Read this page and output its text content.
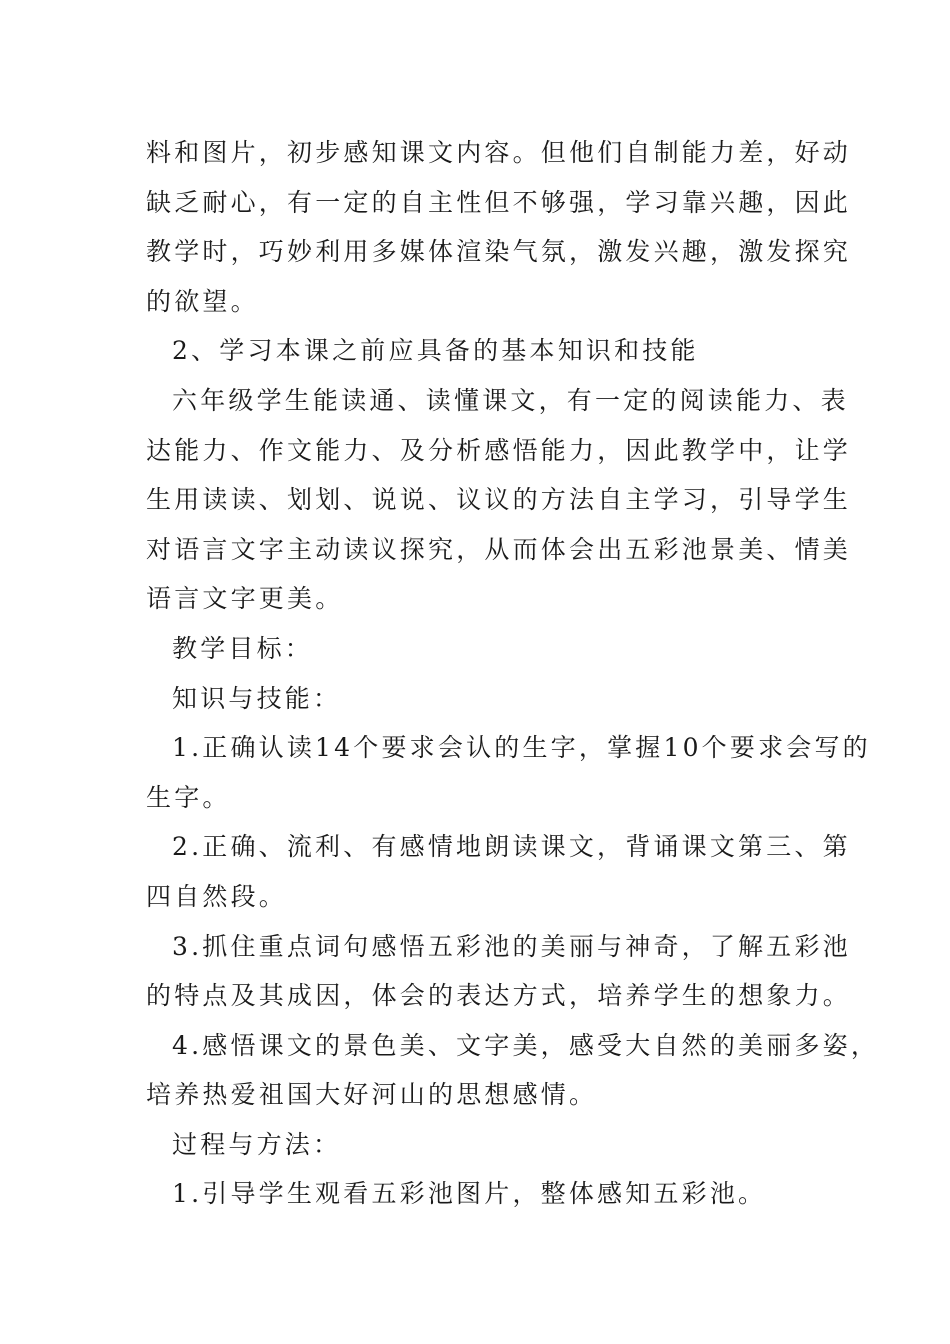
料和图片，初步感知课文内容。但他们自制能力差，好动
缺乏耐心，有一定的自主性但不够强，学习靠兴趣，因此
教学时，巧妙利用多媒体渲染气氛，激发兴趣，激发探究
的欲望。

2、学习本课之前应具备的基本知识和技能

六年级学生能读通、读懂课文，有一定的阅读能力、表
达能力、作文能力、及分析感悟能力，因此教学中，让学
生用读读、划划、说说、议议的方法自主学习，引导学生
对语言文字主动读议探究，从而体会出五彩池景美、情美
语言文字更美。

教学目标：

知识与技能：

1.正确认读14个要求会认的生字，掌握10个要求会写的
生字。

2.正确、流利、有感情地朗读课文，背诵课文第三、第
四自然段。

3.抓住重点词句感悟五彩池的美丽与神奇，了解五彩池
的特点及其成因，体会的表达方式，培养学生的想象力。

4.感悟课文的景色美、文字美，感受大自然的美丽多姿，
培养热爱祖国大好河山的思想感情。

过程与方法：

1.引导学生观看五彩池图片，整体感知五彩池。
